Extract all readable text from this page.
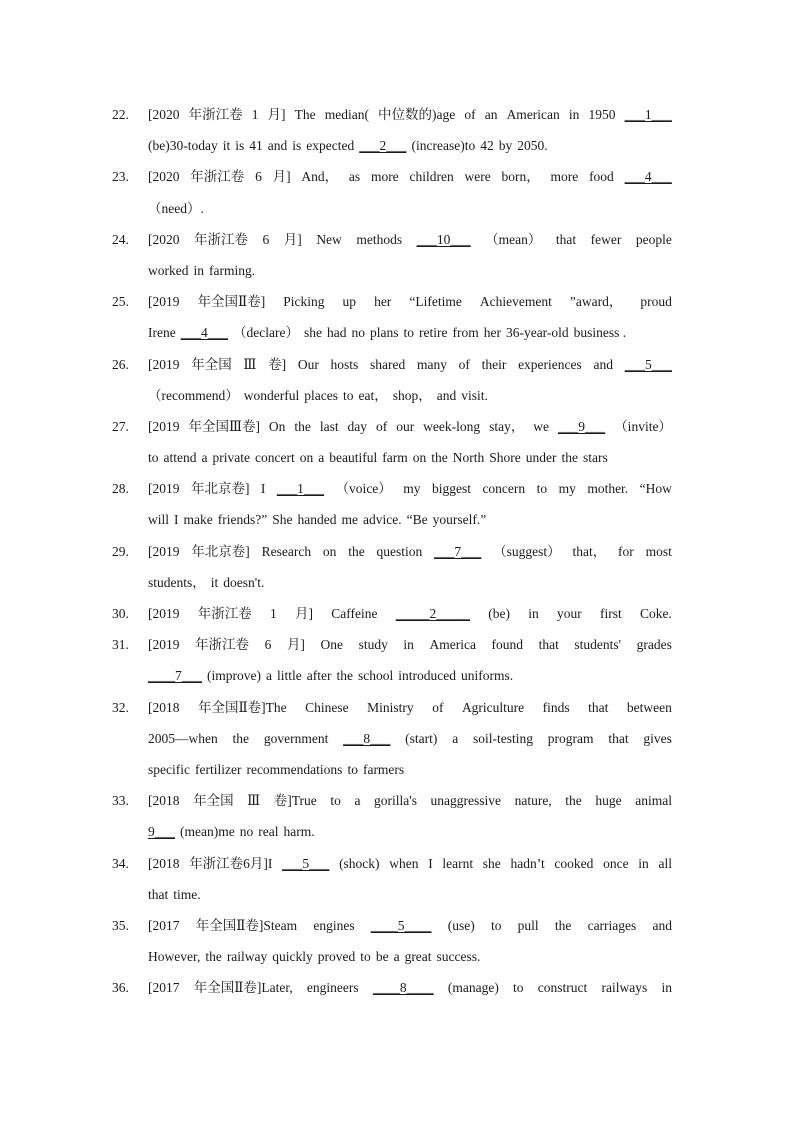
22.	[2020 年浙江卷 1 月] The median( 中位数的)age of an American in 1950 ___1___
(be)30-today it is 41 and is expected ___2___ (increase)to 42 by 2050.
23.	[2020 年浙江卷 6 月] And， as more children were born， more food ___4___
（need）.
24.	[2020 年浙江卷 6 月] New methods ___10___ （mean） that fewer people
worked in farming.
25.	[2019 年全国Ⅱ卷] Picking up her “Lifetime Achievement ”award， proud
Irene ___4___ （declare） she had no plans to retire from her 36-year-old business .
26.	[2019 年全国 Ⅲ 卷] Our hosts shared many of their experiences and ___5___
（recommend） wonderful places to eat， shop， and visit.
27.	[2019 年全国Ⅲ卷] On the last day of our week-long stay， we ___9___ （invite）
to attend a private concert on a beautiful farm on the North Shore under the stars
28.	[2019 年北京卷] I ___1___ （voice） my biggest concern to my mother. “How
will I make friends?” She handed me advice. “Be yourself.”
29.	[2019 年北京卷] Research on the question ___7___ （suggest） that， for most
students， it doesn't.
30.	[2019 年浙江卷 1 月] Caffeine _____2_____ (be) in your first Coke.
31.	[2019 年浙江卷 6 月] One study in America found that students' grades
____7___ (improve) a little after the school introduced uniforms.
32.	[2018 年全国Ⅱ卷]The Chinese Ministry of Agriculture finds that between
2005—when the government ___8___ (start) a soil-testing program that gives
specific fertilizer recommendations to farmers
33.	[2018 年全国 Ⅲ 卷]True to a gorilla's unaggressive nature, the huge animal
9___ (mean)me no real harm.
34.	[2018 年浙江卷6月]I ___5___ (shock) when I learnt she hadn’t cooked once in all
that time.
35.	[2017 年全国Ⅱ卷]Steam engines ____5____ (use) to pull the carriages and
However, the railway quickly proved to be a great success.
36.	[2017 年全国Ⅱ卷]Later, engineers ____8____ (manage) to construct railways in
